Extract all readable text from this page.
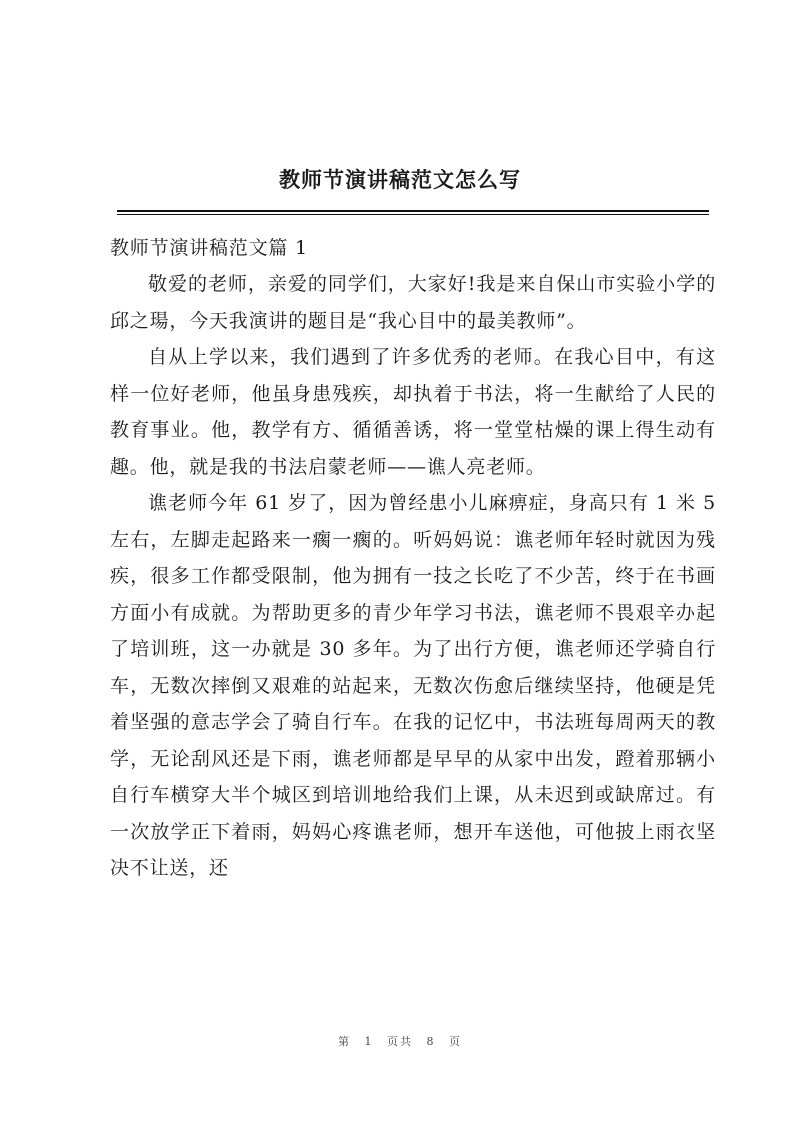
教师节演讲稿范文怎么写

教师节演讲稿范文篇 1

敬爱的老师，亲爱的同学们，大家好!我是来自保山市实验小学的邱之瑒，今天我演讲的题目是“我心目中的最美教师”。

自从上学以来，我们遇到了许多优秀的老师。在我心目中，有这样一位好老师，他虽身患残疾，却执着于书法，将一生献给了人民的教育事业。他，教学有方、循循善诱，将一堂堂枯燥的课上得生动有趣。他，就是我的书法启蒙老师——谯人亮老师。

谯老师今年 61 岁了，因为曾经患小儿麻痹症，身高只有 1 米 5 左右，左脚走起路来一瘸一瘸的。听妈妈说：谯老师年轻时就因为残疾，很多工作都受限制，他为拥有一技之长吃了不少苦，终于在书画方面小有成就。为帮助更多的青少年学习书法，谯老师不畏艰辛办起了培训班，这一办就是 30 多年。为了出行方便，谯老师还学骑自行车，无数次摔倒又艰难的站起来，无数次伤愈后继续坚持，他硬是凭着坚强的意志学会了骑自行车。在我的记忆中，书法班每周两天的教学，无论刮风还是下雨，谯老师都是早早的从家中出发，蹬着那辆小自行车横穿大半个城区到培训地给我们上课，从未迟到或缺席过。有一次放学正下着雨，妈妈心疼谯老师，想开车送他，可他披上雨衣坚决不让送，还

第 1 页共 8 页
